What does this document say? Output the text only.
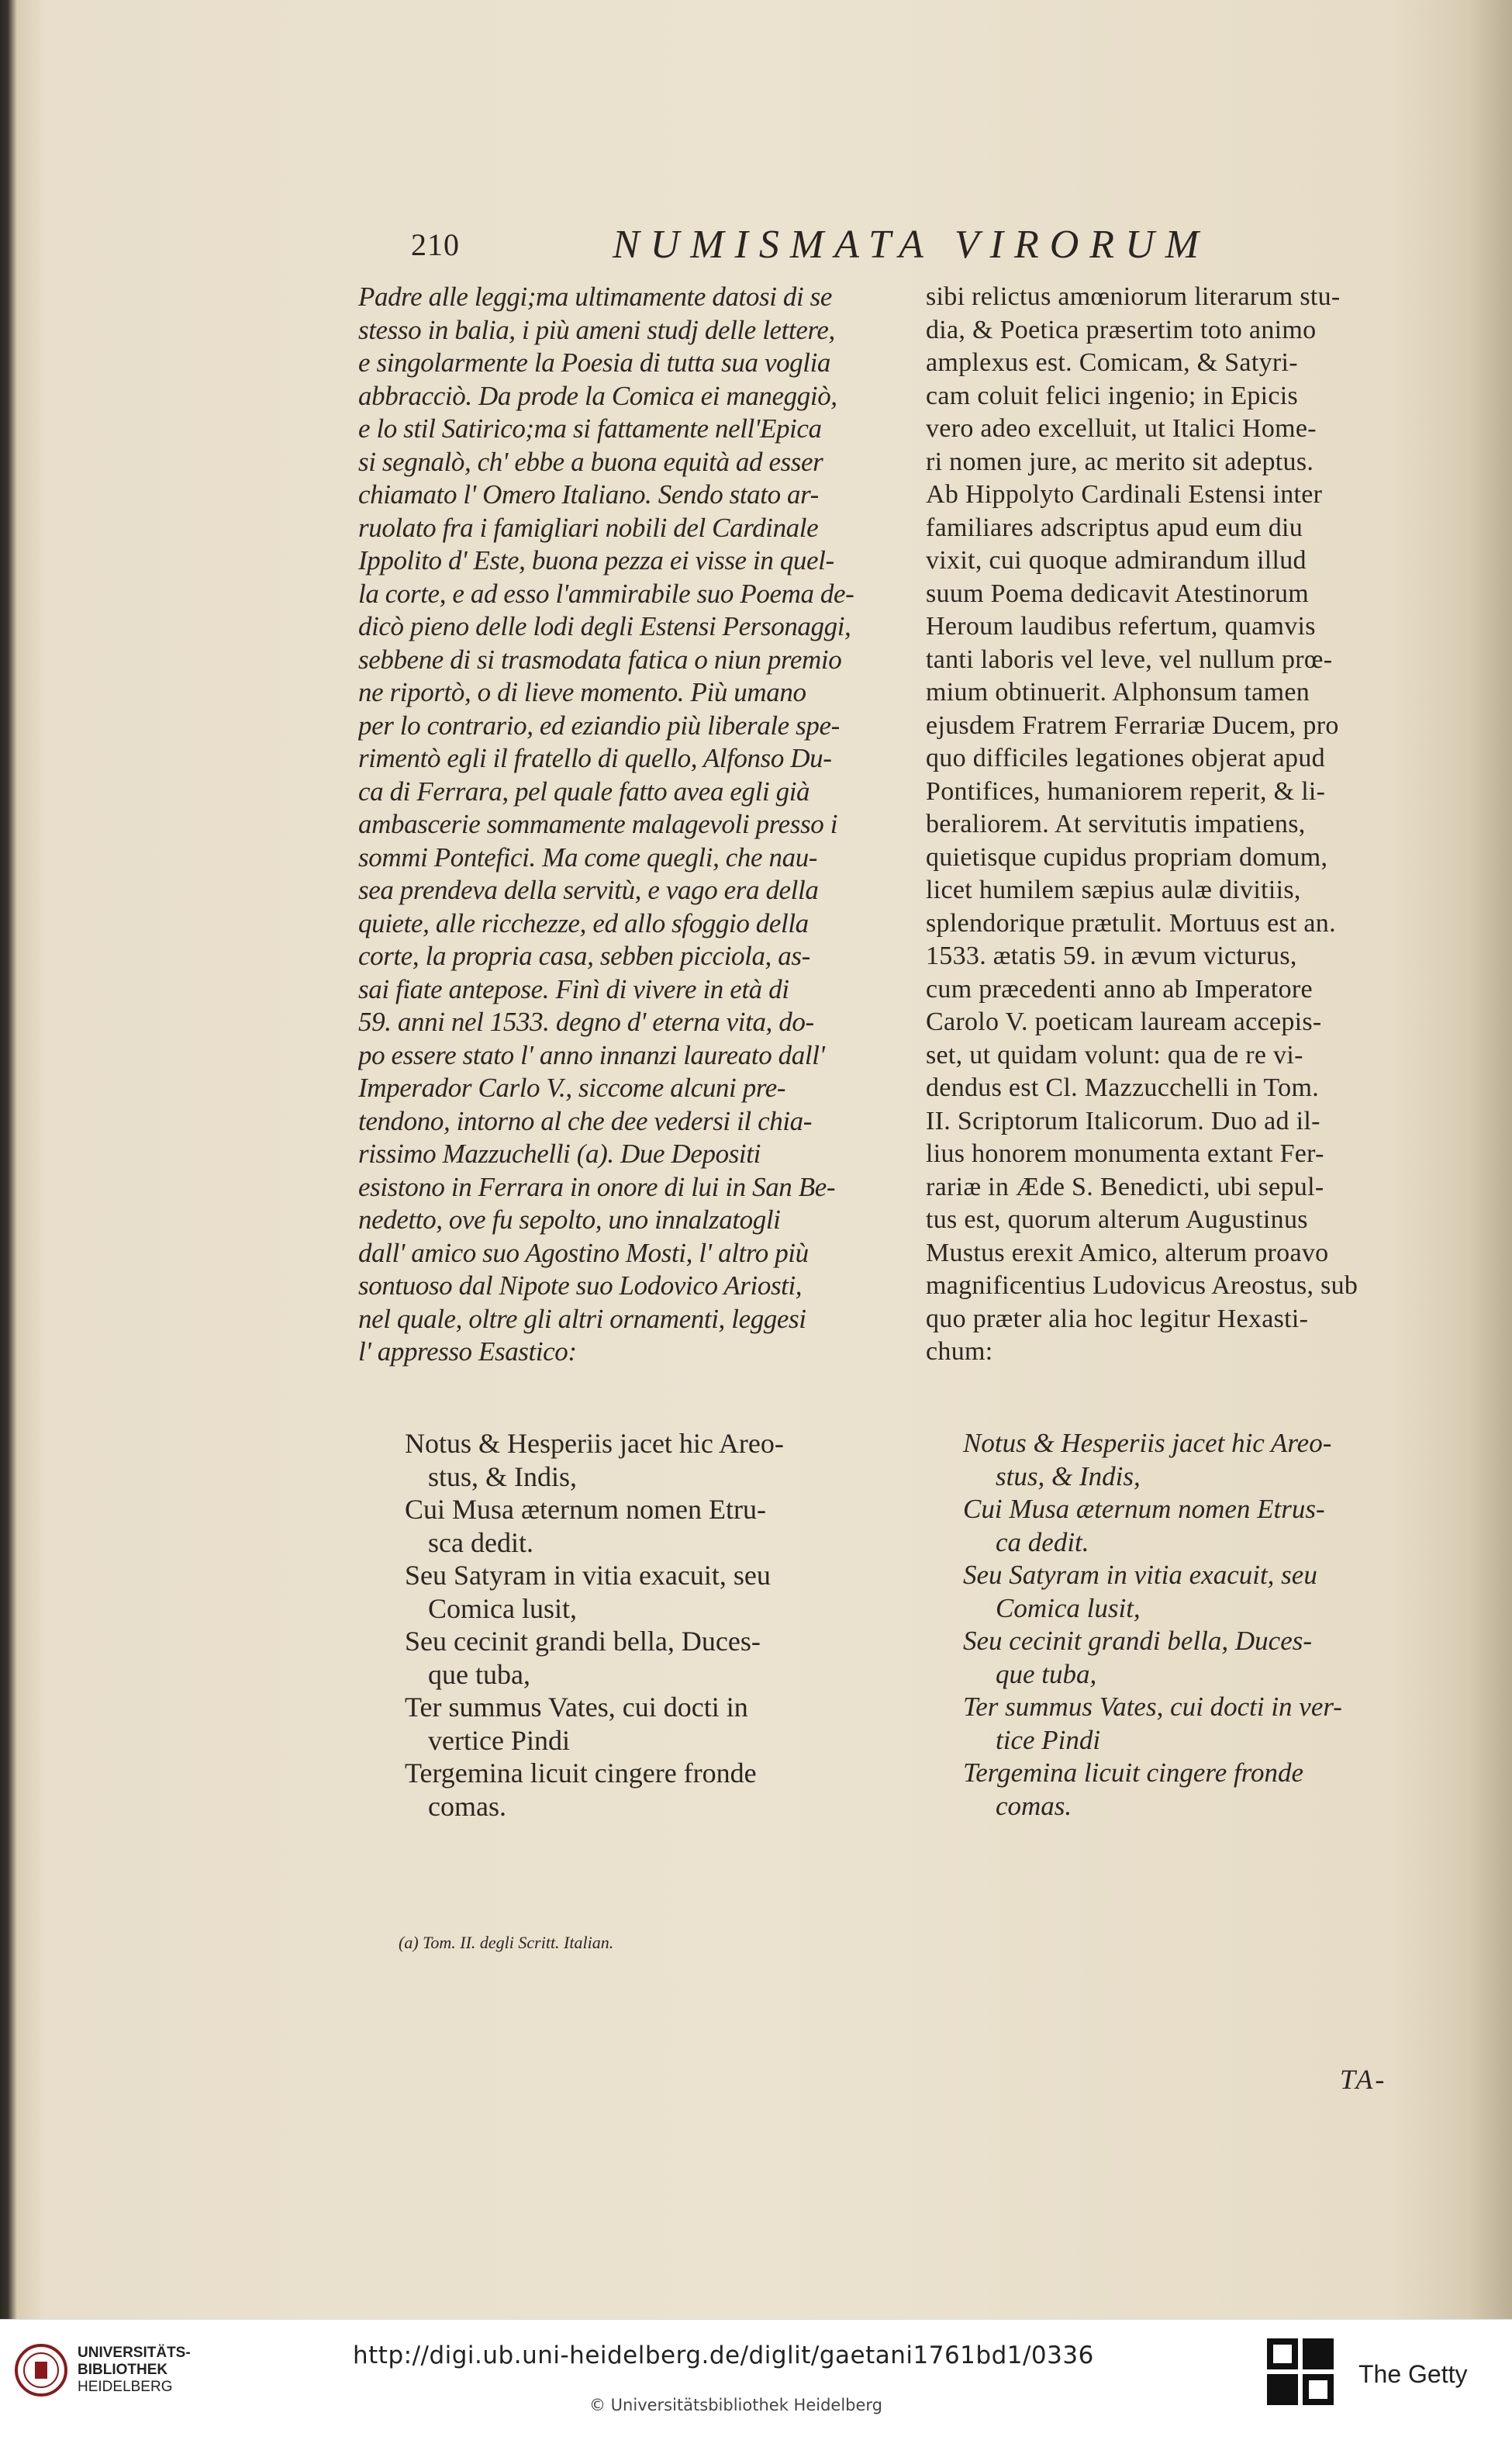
210	NUMISMATA VIRORUM
Padre alle leggi;ma ultimamente datosi di se
stesso in balia, i più ameni studj delle lettere,
e singolarmente la Poesia di tutta sua voglia
abbracciò. Da prode la Comica ei maneggiò,
e lo stil Satirico;ma si fattamente nell'Epica
si segnalò, ch' ebbe a buona equità ad esser
chiamato l' Omero Italiano. Sendo stato ar-
ruolato fra i famigliari nobili del Cardinale
Ippolito d' Este, buona pezza ei visse in quel-
la corte, e ad esso l'ammirabile suo Poema de-
dicò pieno delle lodi degli Estensi Personaggi,
sebbene di si trasmodata fatica o niun premio
ne riportò, o di lieve momento. Più umano
per lo contrario, ed eziandio più liberale spe-
rimentò egli il fratello di quello, Alfonso Du-
ca di Ferrara, pel quale fatto avea egli già
ambascerie sommamente malagevoli presso i
sommi Pontefici. Ma come quegli, che nau-
sea prendeva della servitù, e vago era della
quiete, alle ricchezze, ed allo sfoggio della
corte, la propria casa, sebben picciola, as-
sai fiate antepose. Finì di vivere in età di
59. anni nel 1533. degno d' eterna vita, do-
po essere stato l' anno innanzi laureato dall'
Imperador Carlo V., siccome alcuni pre-
tendono, intorno al che dee vedersi il chia-
rissimo Mazzuchelli (a). Due Depositi
esistono in Ferrara in onore di lui in San Be-
nedetto, ove fu sepolto, uno innalzatogli
dall' amico suo Agostino Mosti, l' altro più
sontuoso dal Nipote suo Lodovico Ariosti,
nel quale, oltre gli altri ornamenti, leggesi
l' appresso Esastico:
sibi relictus amœniorum literarum stu-
dia, & Poetica præsertim toto animo
amplexus est. Comicam, & Satyri-
cam coluit felici ingenio; in Epicis
vero adeo excelluit, ut Italici Home-
ri nomen jure, ac merito sit adeptus.
Ab Hippolyto Cardinali Estensi inter
familiares adscriptus apud eum diu
vixit, cui quoque admirandum illud
suum Poema dedicavit Atestinorum
Heroum laudibus refertum, quamvis
tanti laboris vel leve, vel nullum prœ-
mium obtinuerit. Alphonsum tamen
ejusdem Fratrem Ferrariæ Ducem, pro
quo difficiles legationes objerat apud
Pontifices, humaniorem reperit, & li-
beraliorem. At servitutis impatiens,
quietisque cupidus propriam domum,
licet humilem sæpius aulæ divitiis,
splendorique prætulit. Mortuus est an.
1533. ætatis 59. in ævum victurus,
cum præcedenti anno ab Imperatore
Carolo V. poeticam lauream accepis-
set, ut quidam volunt: qua de re vi-
dendus est Cl. Mazzucchelli in Tom.
II. Scriptorum Italicorum. Duo ad il-
lius honorem monumenta extant Fer-
rariæ in Æde S. Benedicti, ubi sepul-
tus est, quorum alterum Augustinus
Mustus erexit Amico, alterum proavo
magnificentius Ludovicus Areostus, sub
quo præter alia hoc legitur Hexasti-
chum:
Notus & Hesperiis jacet hic Areo-
stus, & Indis,
Cui Musa æternum nomen Etru-
sca dedit.
Seu Satyram in vitia exacuit, seu
Comica lusit,
Seu cecinit grandi bella, Duces-
que tuba,
Ter summus Vates, cui docti in
vertice Pindi
Tergemina licuit cingere fronde
comas.
Notus & Hesperiis jacet hic Areo-
stus, & Indis,
Cui Musa æternum nomen Etrus-
ca dedit.
Seu Satyram in vitia exacuit, seu
Comica lusit,
Seu cecinit grandi bella, Duces-
que tuba,
Ter summus Vates, cui docti in ver-
tice Pindi
Tergemina licuit cingere fronde
comas.
(a) Tom. II. degli Scritt. Italian.
TA-
UNIVERSITÄTS-
BIBLIOTHEK
HEIDELBERG
http://digi.ub.uni-heidelberg.de/diglit/gaetani1761bd1/0336
© Universitätsbibliothek Heidelberg
The Getty
